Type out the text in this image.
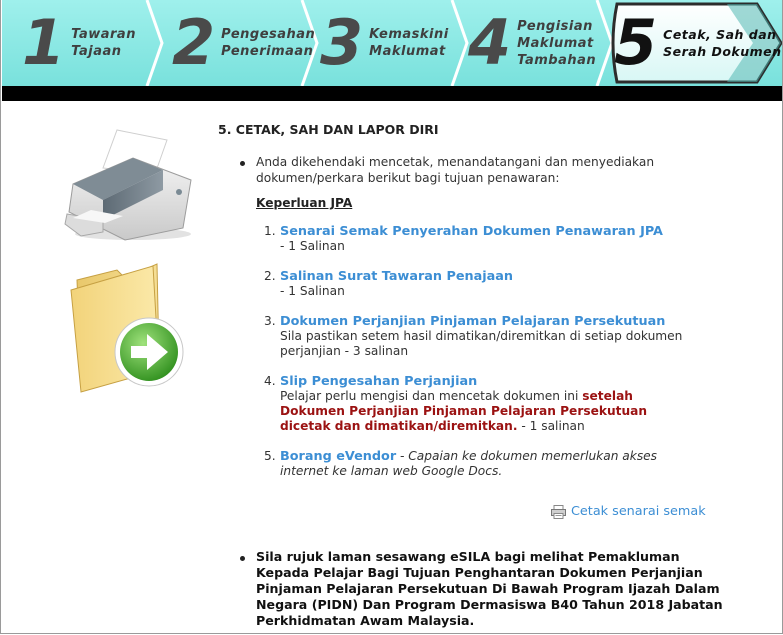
1 Tawaran
Tajaan 2 Pengesahan
Penerimaan 3 Kemaskini
Maklumat 4 Pengisian
Maklumat
Tambahan 5 Cetak, Sah dan
Serah Dokumen
5. CETAK, SAH DAN LAPOR DIRI
Anda dikehendaki mencetak, menandatangani dan menyediakan dokumen/perkara berikut bagi tujuan penawaran:
Keperluan JPA
1. Senarai Semak Penyerahan Dokumen Penawaran JPA
- 1 Salinan
2. Salinan Surat Tawaran Penajaan
- 1 Salinan
3. Dokumen Perjanjian Pinjaman Pelajaran Persekutuan
Sila pastikan setem hasil dimatikan/diremitkan di setiap dokumen perjanjian - 3 salinan
4. Slip Pengesahan Perjanjian
Pelajar perlu mengisi dan mencetak dokumen ini setelah Dokumen Perjanjian Pinjaman Pelajaran Persekutuan dicetak dan dimatikan/diremitkan. - 1 salinan
5. Borang eVendor - Capaian ke dokumen memerlukan akses internet ke laman web Google Docs.
Cetak senarai semak
Sila rujuk laman sesawang eSILA bagi melihat Pemakluman Kepada Pelajar Bagi Tujuan Penghantaran Dokumen Perjanjian Pinjaman Pelajaran Persekutuan Di Bawah Program Ijazah Dalam Negara (PIDN) Dan Program Dermasiswa B40 Tahun 2018 Jabatan Perkhidmatan Awam Malaysia.
